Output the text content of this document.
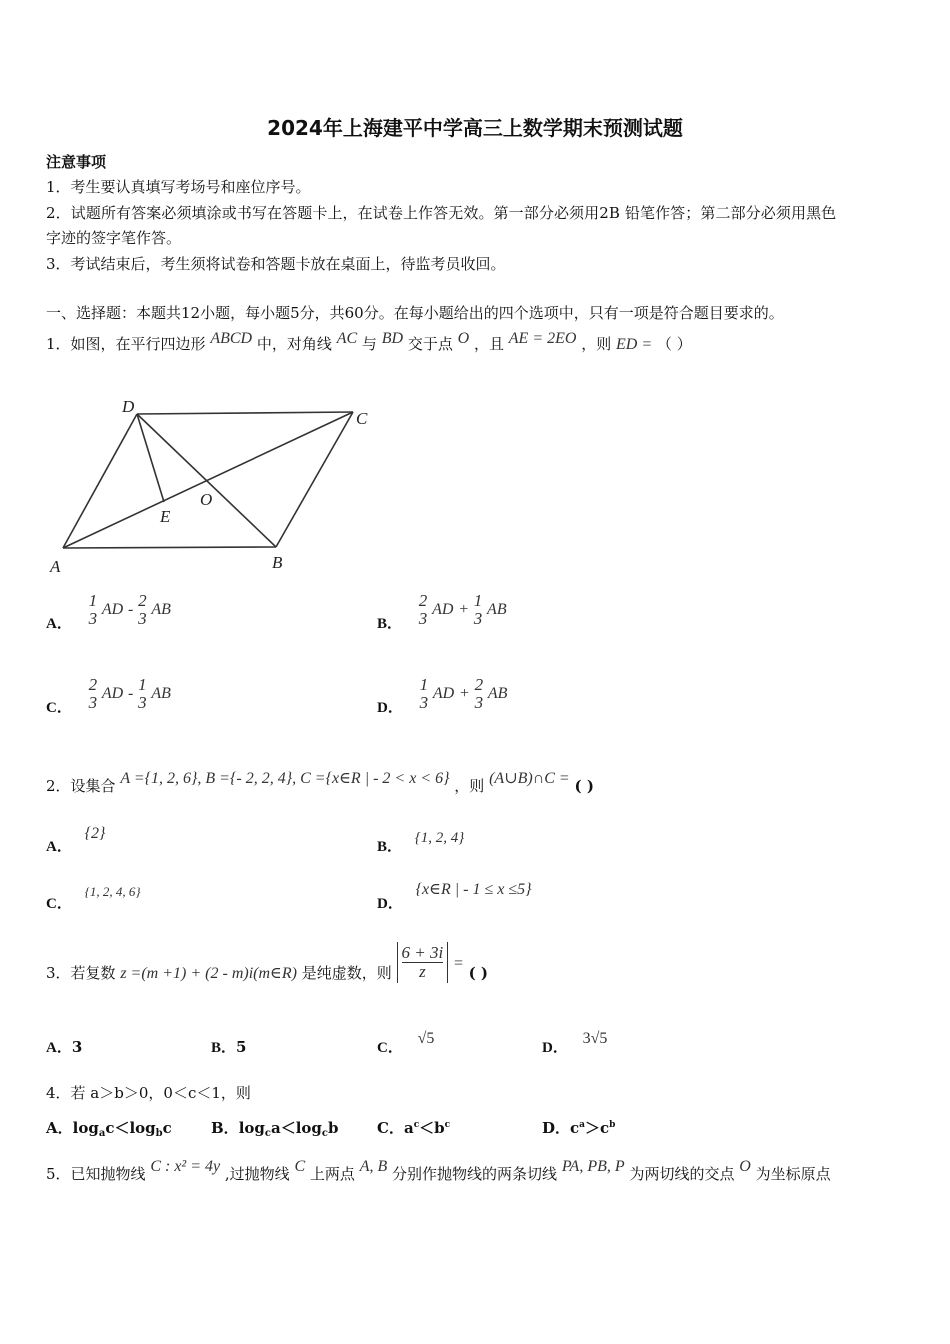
2024年上海建平中学高三上数学期末预测试题
注意事项
1．考生要认真填写考场号和座位序号。
2．试题所有答案必须填涂或书写在答题卡上，在试卷上作答无效。第一部分必须用2B 铅笔作答；第二部分必须用黑色
字迹的签字笔作答。
3．考试结束后，考生须将试卷和答题卡放在桌面上，待监考员收回。
一、选择题：本题共12小题，每小题5分，共60分。在每小题给出的四个选项中，只有一项是符合题目要求的。
1．如图，在平行四边形 ABCD 中，对角线 AC 与 BD 交于点 O ，且 AE = 2EO ，则 ED = （ ）
A	B
C
D
E
O
A．
1
3 AD - 2
3 AB
B．
2
3 AD + 1
3 AB
C．
2
3 AD - 1
3 AB
D．
1
3 AD + 2
3 AB
2．设集合 A ={1, 2, 6}, B ={- 2, 2, 4}, C ={x∈R | - 2 < x < 6} ，则 (A∪B)∩C = ( )
A． {2}
B． {1, 2, 4}
C． {1, 2, 4, 6}
D． {x∈R | - 1 ≤ x ≤5}
3．若复数 z =(m +1) + (2 - m)i(m∈R) 是纯虚数，则 $\frac{6 + 3i}{z}$ = ( )
A．3	B．5	C． √5
D． 3√5
4．若 a＞b＞0，0＜c＜1，则
A．$\log_ac<\log_bc$	B．$\log_ca<\log_cb$	C．$a^c<b^c$	D．$c^a>c^b$
5．已知抛物线 C : x² = 4y ,过抛物线 C 上两点 A, B 分别作抛物线的两条切线 PA, PB, P 为两切线的交点 O 为坐标原点
